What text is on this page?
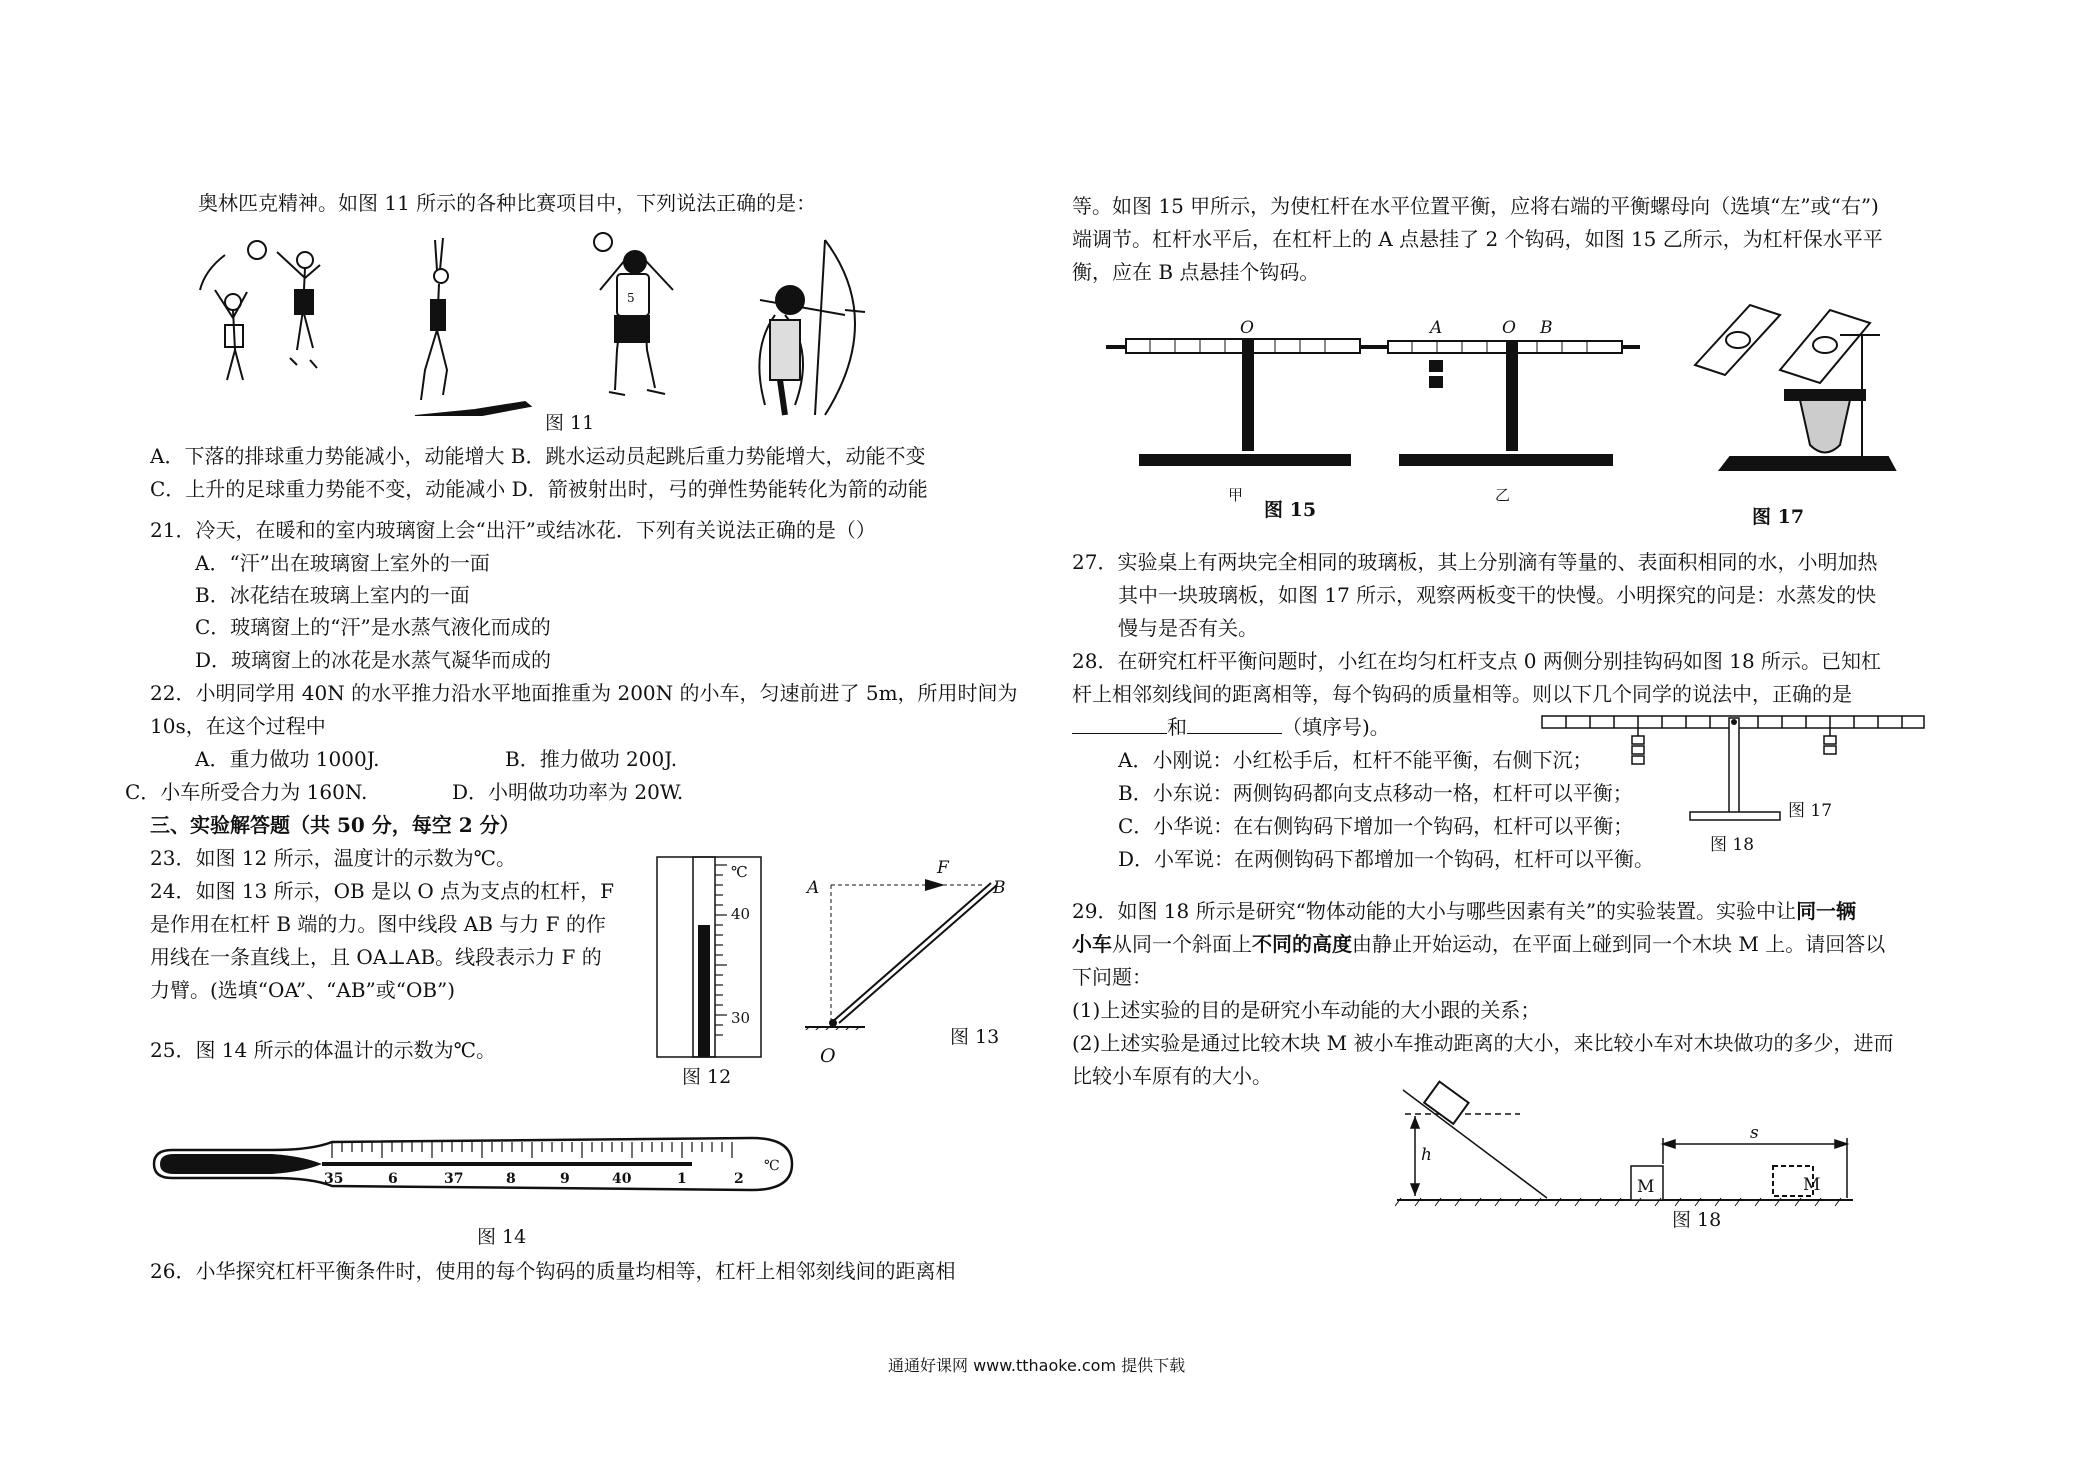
奥林匹克精神。如图 11 所示的各种比赛项目中，下列说法正确的是：
5
图 11
A．下落的排球重力势能减小，动能增大 B．跳水运动员起跳后重力势能增大，动能不变
C．上升的足球重力势能不变，动能减小 D．箭被射出时，弓的弹性势能转化为箭的动能
21．冷天，在暖和的室内玻璃窗上会“出汗”或结冰花．下列有关说法正确的是（）
A．“汗”出在玻璃窗上室外的一面
B．冰花结在玻璃上室内的一面
C．玻璃窗上的“汗”是水蒸气液化而成的
D．玻璃窗上的冰花是水蒸气凝华而成的
22．小明同学用 40N 的水平推力沿水平地面推重为 200N 的小车，匀速前进了 5m，所用时间为
10s，在这个过程中
A．重力做功 1000J.	B．推力做功 200J.
C．小车所受合力为 160N.	D．小明做功功率为 20W.
三、实验解答题（共 50 分，每空 2 分）
23．如图 12 所示，温度计的示数为℃。
24．如图 13 所示，OB 是以 O 点为支点的杠杆，F
是作用在杠杆 B 端的力。图中线段 AB 与力 F 的作
用线在一条直线上，且 OA⊥AB。线段表示力 F 的
力臂。(选填“OA”、“AB”或“OB”)
25．图 14 所示的体温计的示数为℃。
℃
40
30
图 12
A	B
F
O
图 13
35	6	37	8	9	40	1	2
℃
图 14
26．小华探究杠杆平衡条件时，使用的每个钩码的质量均相等，杠杆上相邻刻线间的距离相
等。如图 15 甲所示，为使杠杆在水平位置平衡，应将右端的平衡螺母向（选填“左”或“右”)
端调节。杠杆水平后，在杠杆上的 A 点悬挂了 2 个钩码，如图 15 乙所示，为杠杆保水平平
衡，应在 B 点悬挂个钩码。
O
甲
A	O B
乙
图 15	图 17
27．实验桌上有两块完全相同的玻璃板，其上分别滴有等量的、表面积相同的水，小明加热
其中一块玻璃板，如图 17 所示，观察两板变干的快慢。小明探究的问是：水蒸发的快
慢与是否有关。
28．在研究杠杆平衡问题时，小红在均匀杠杆支点 0 两侧分别挂钩码如图 18 所示。已知杠
杆上相邻刻线间的距离相等，每个钩码的质量相等。则以下几个同学的说法中，正确的是
和	（填序号)。
A．小刚说：小红松手后，杠杆不能平衡，右侧下沉；
B．小东说：两侧钩码都向支点移动一格，杠杆可以平衡；
C．小华说：在右侧钩码下增加一个钩码，杠杆可以平衡；
D．小军说：在两侧钩码下都增加一个钩码，杠杆可以平衡。
图 17
图 18
29．如图 18 所示是研究“物体动能的大小与哪些因素有关”的实验装置。实验中让同一辆
小车从同一个斜面上不同的高度由静止开始运动，在平面上碰到同一个木块 M 上。请回答以
下问题：
(1)上述实验的目的是研究小车动能的大小跟的关系；
(2)上述实验是通过比较木块 M 被小车推动距离的大小，来比较小车对木块做功的多少，进而
比较小车原有的大小。
h
s
M	M
图 18
通通好课网 www.tthaoke.com 提供下载
